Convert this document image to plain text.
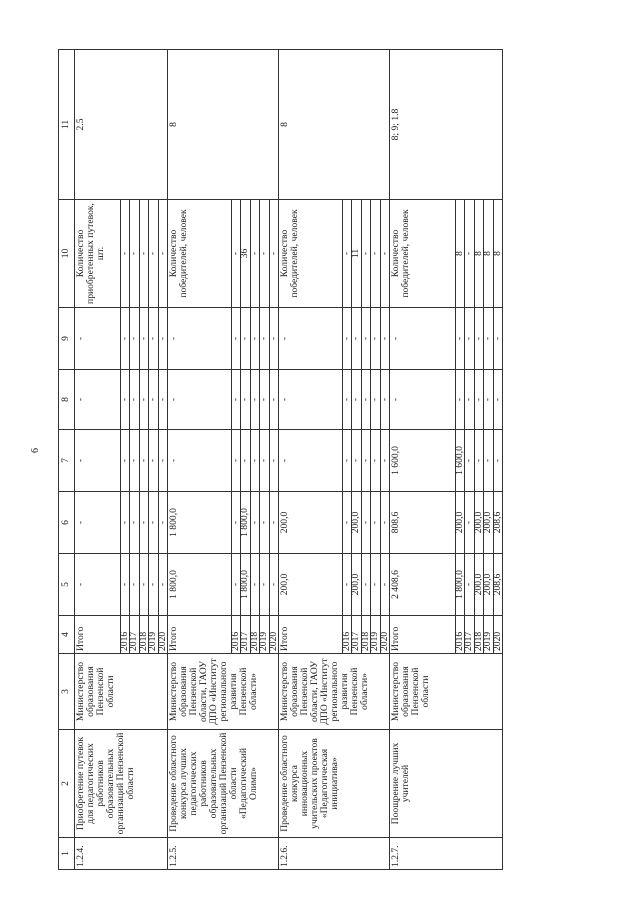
6
1	2	3	4	5	6	7	8	9	10	11
1.2.4.	Приобретение путевок для педагогических работников образовательных организаций Пензенской области	Министерство образования Пензенской области	Итого	-	-	-	-	-	Количество приобретенных путевок, шт.	2.5
			2016	-	-	-	-	-	-	
			2017	-	-	-	-	-	-	
			2018	-	-	-	-	-	-	
			2019	-	-	-	-	-	-	
			2020	-	-	-	-	-	-	
1.2.5.	Проведение областного конкурса лучших педагогических работников образовательных организаций Пензенской области «Педагогический Олимп»	Министерство образования Пензенской области, ГАОУ ДПО «Институт регионального развития Пензенской области»	Итого	1 800,0	1 800,0	-	-	-	Количество победителей, человек	8
			2016	-	-	-	-	-	-	
			2017	1 800,0	1 800,0	-	-	-	36	
			2018	-	-	-	-	-	-	
			2019	-	-	-	-	-	-	
			2020	-	-	-	-	-	-	
1.2.6.	Проведение областного конкурса инновационных учительских проектов «Педагогическая инициатива»	Министерство образования Пензенской области, ГАОУ ДПО «Институт регионального развития Пензенской области»	Итого	200,0	200,0	-	-	-	Количество победителей, человек	8
			2016	-	-	-	-	-	-	
			2017	200,0	200,0	-	-	-	11	
			2018	-	-	-	-	-	-	
			2019	-	-	-	-	-	-	
			2020	-	-	-	-	-	-	
1.2.7.	Поощрение лучших учителей	Министерство образования Пензенской области	Итого	2 408,6	808,6	1 600,0	-	-	Количество победителей, человек	8; 9; 1.8
			2016	1 800,0	200,0	1 600,0	-	-	8	
			2017	-	-	-	-	-	-	
			2018	200,0	200,0	-	-	-	8	
			2019	200,0	200,0	-	-	-	8	
			2020	208,6	208,6	-	-	-	8	
